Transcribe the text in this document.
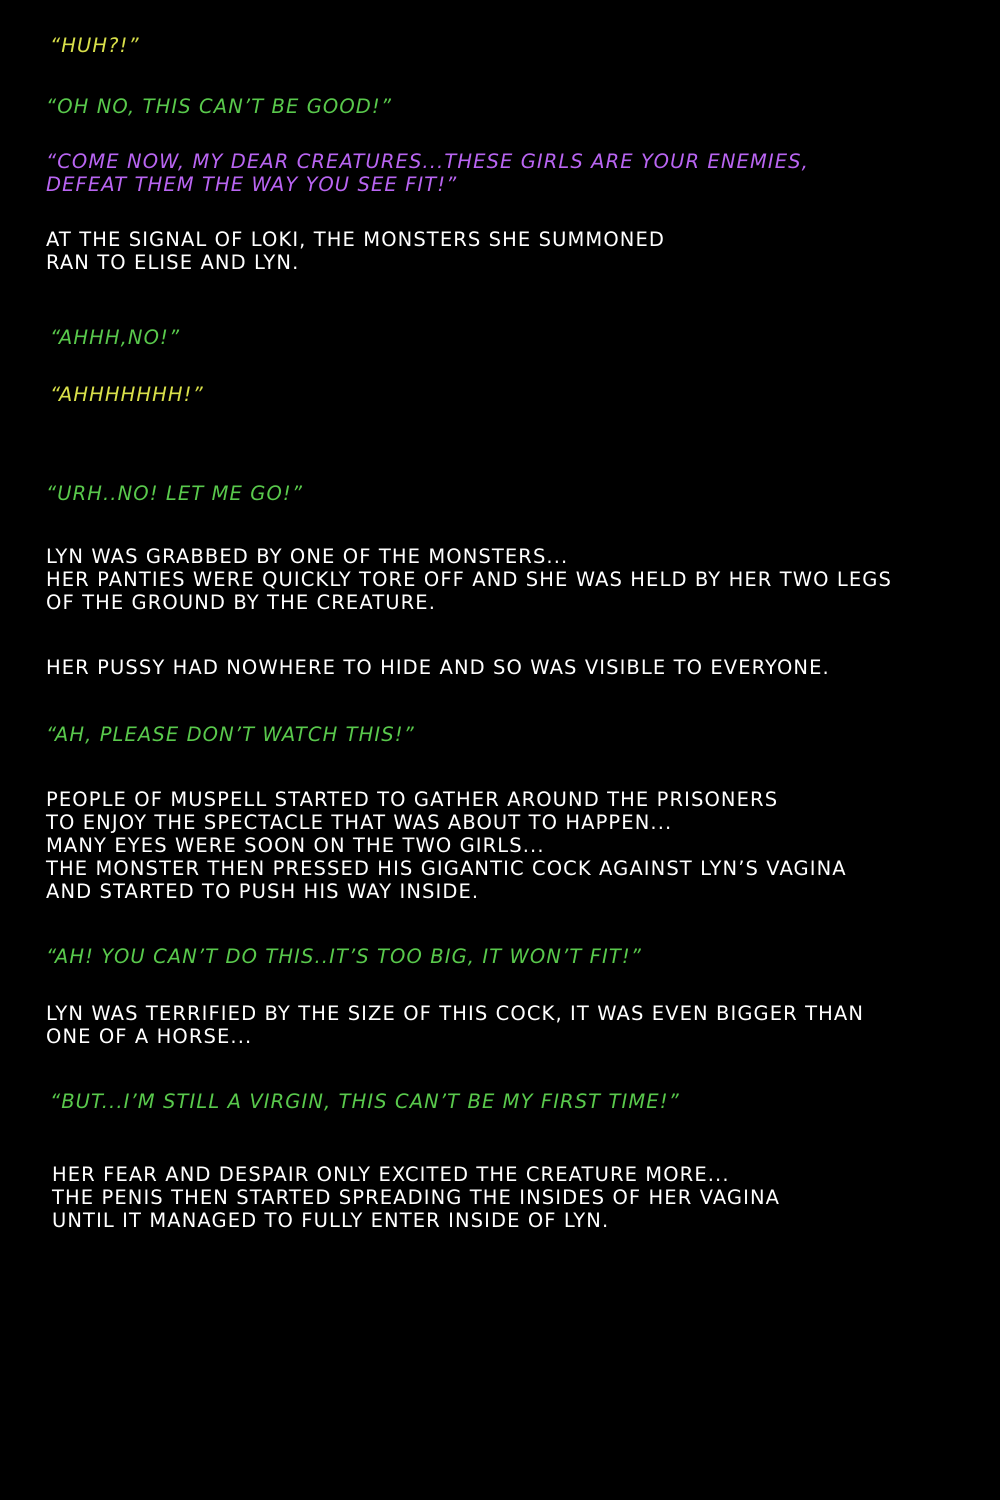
“HUH?!”
“OH NO, THIS CAN’T BE GOOD!”
“COME NOW, MY DEAR CREATURES...THESE GIRLS ARE YOUR ENEMIES,
DEFEAT THEM THE WAY YOU SEE FIT!”
AT THE SIGNAL OF LOKI, THE MONSTERS SHE SUMMONED
RAN TO ELISE AND LYN.
“AHHH,NO!”
“AHHHHHHH!”
“URH..NO! LET ME GO!”
LYN WAS GRABBED BY ONE OF THE MONSTERS...
HER PANTIES WERE QUICKLY TORE OFF AND SHE WAS HELD BY HER TWO LEGS
OF THE GROUND BY THE CREATURE.
HER PUSSY HAD NOWHERE TO HIDE AND SO WAS VISIBLE TO EVERYONE.
“AH, PLEASE DON’T WATCH THIS!”
PEOPLE OF MUSPELL STARTED TO GATHER AROUND THE PRISONERS
TO ENJOY THE SPECTACLE THAT WAS ABOUT TO HAPPEN...
MANY EYES WERE SOON ON THE TWO GIRLS...
THE MONSTER THEN PRESSED HIS GIGANTIC COCK AGAINST LYN’S VAGINA
AND STARTED TO PUSH HIS WAY INSIDE.
“AH! YOU CAN’T DO THIS..IT’S TOO BIG, IT WON’T FIT!”
LYN WAS TERRIFIED BY THE SIZE OF THIS COCK, IT WAS EVEN BIGGER THAN
ONE OF A HORSE...
“BUT...I’M STILL A VIRGIN, THIS CAN’T BE MY FIRST TIME!”
HER FEAR AND DESPAIR ONLY EXCITED THE CREATURE MORE...
THE PENIS THEN STARTED SPREADING THE INSIDES OF HER VAGINA
UNTIL IT MANAGED TO FULLY ENTER INSIDE OF LYN.
